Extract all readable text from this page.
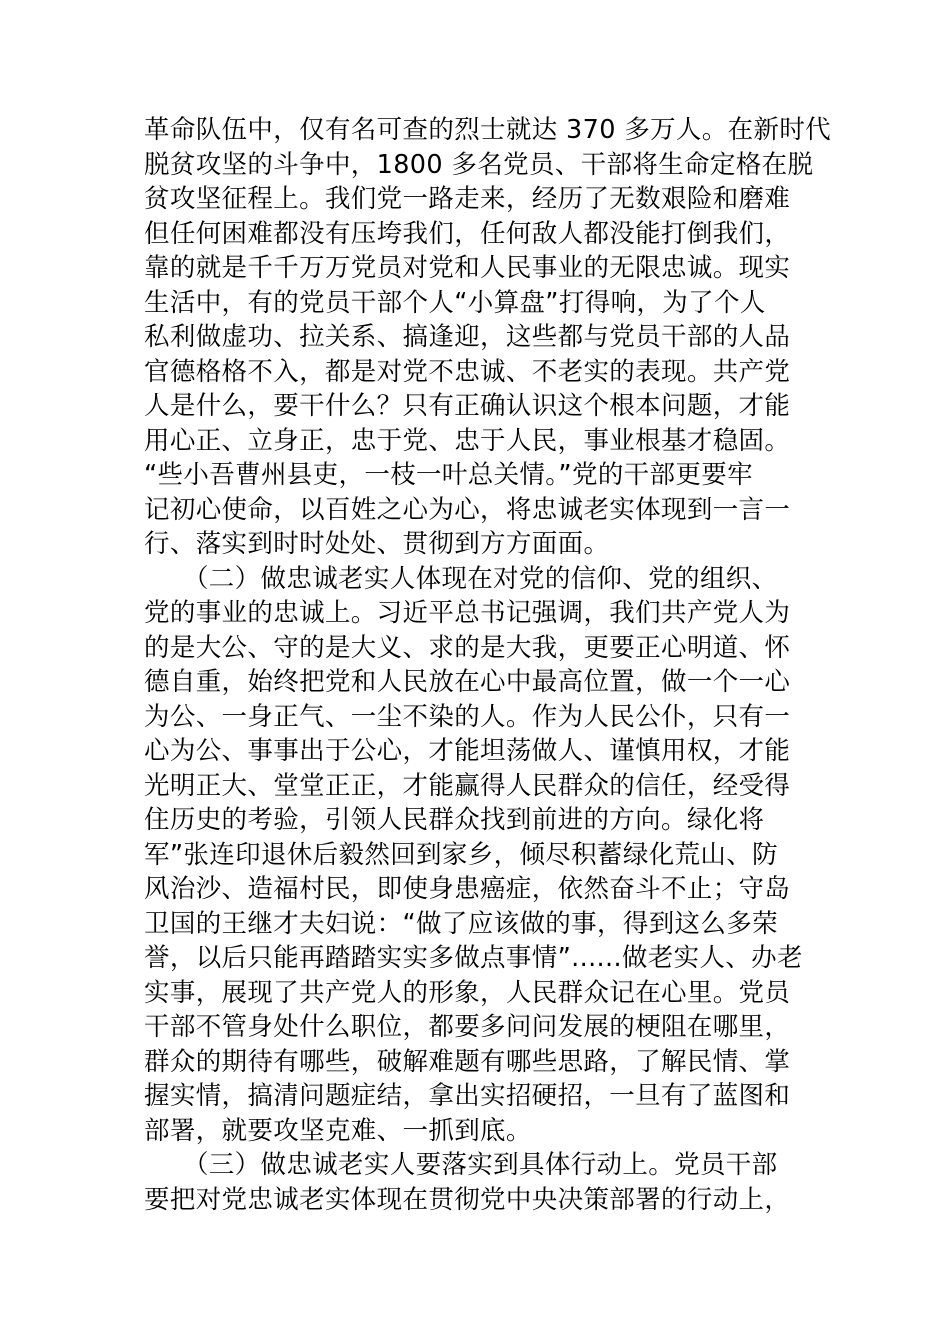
革命队伍中，仅有名可查的烈士就达 370 多万人。在新时代
脱贫攻坚的斗争中，1800 多名党员、干部将生命定格在脱
贫攻坚征程上。我们党一路走来，经历了无数艰险和磨难
但任何困难都没有压垮我们，任何敌人都没能打倒我们，
靠的就是千千万万党员对党和人民事业的无限忠诚。现实
生活中，有的党员干部个人“小算盘”打得响，为了个人
私利做虚功、拉关系、搞逢迎，这些都与党员干部的人品
官德格格不入，都是对党不忠诚、不老实的表现。共产党
人是什么，要干什么？只有正确认识这个根本问题，才能
用心正、立身正，忠于党、忠于人民，事业根基才稳固。
“些小吾曹州县吏，一枝一叶总关情。”党的干部更要牢
记初心使命，以百姓之心为心，将忠诚老实体现到一言一
行、落实到时时处处、贯彻到方方面面。
　　（二）做忠诚老实人体现在对党的信仰、党的组织、
党的事业的忠诚上。习近平总书记强调，我们共产党人为
的是大公、守的是大义、求的是大我，更要正心明道、怀
德自重，始终把党和人民放在心中最高位置，做一个一心
为公、一身正气、一尘不染的人。作为人民公仆，只有一
心为公、事事出于公心，才能坦荡做人、谨慎用权，才能
光明正大、堂堂正正，才能赢得人民群众的信任，经受得
住历史的考验，引领人民群众找到前进的方向。绿化将
军”张连印退休后毅然回到家乡，倾尽积蓄绿化荒山、防
风治沙、造福村民，即使身患癌症，依然奋斗不止；守岛
卫国的王继才夫妇说：“做了应该做的事，得到这么多荣
誉，以后只能再踏踏实实多做点事情”......做老实人、办老
实事，展现了共产党人的形象，人民群众记在心里。党员
干部不管身处什么职位，都要多问问发展的梗阻在哪里，
群众的期待有哪些，破解难题有哪些思路，了解民情、掌
握实情，搞清问题症结，拿出实招硬招，一旦有了蓝图和
部署，就要攻坚克难、一抓到底。
　　（三）做忠诚老实人要落实到具体行动上。党员干部
要把对党忠诚老实体现在贯彻党中央决策部署的行动上，
